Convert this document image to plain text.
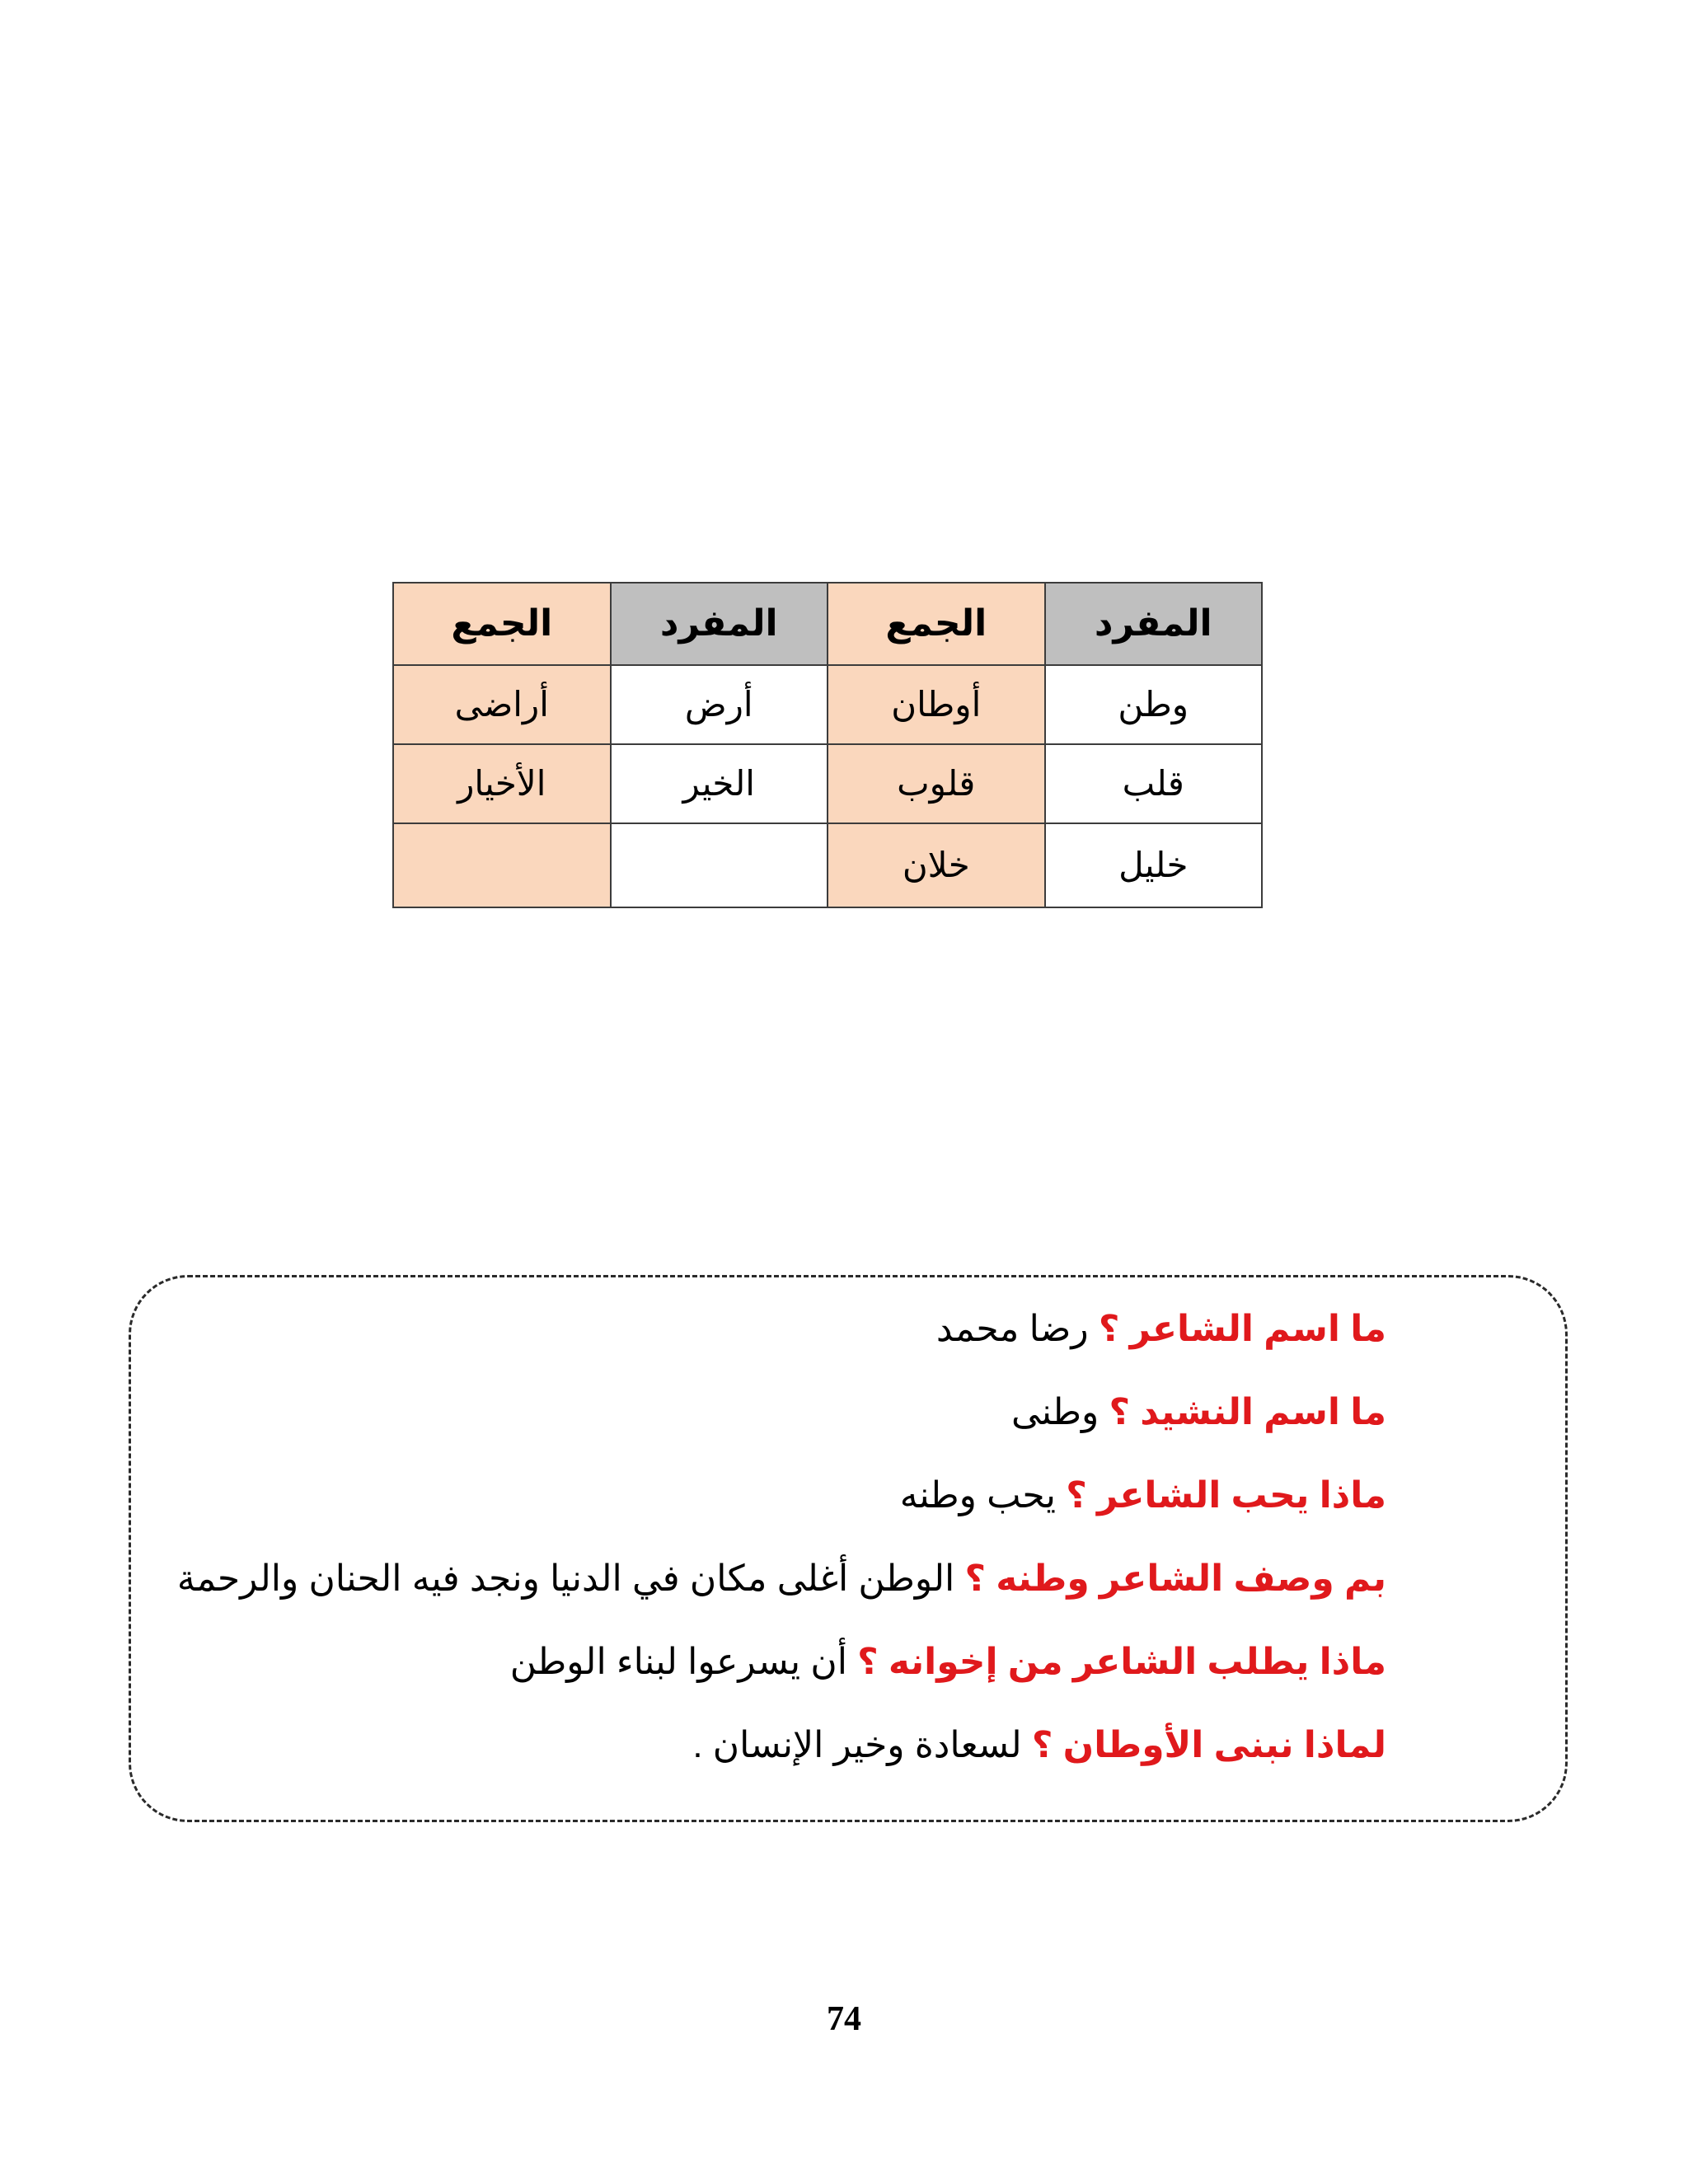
المفرد	الجمع	المفرد	الجمع
وطن	أوطان	أرض	أراضى
قلب	قلوب	الخير	الأخيار
خليل	خلان		
ما اسم الشاعر ؟ رضا محمد
ما اسم النشيد ؟ وطنى
ماذا يحب الشاعر ؟ يحب وطنه
بم وصف الشاعر وطنه ؟ الوطن أغلى مكان في الدنيا ونجد فيه الحنان والرحمة
ماذا يطلب الشاعر من إخوانه ؟ أن يسرعوا لبناء الوطن
لماذا نبنى الأوطان ؟ لسعادة وخير الإنسان .
74
